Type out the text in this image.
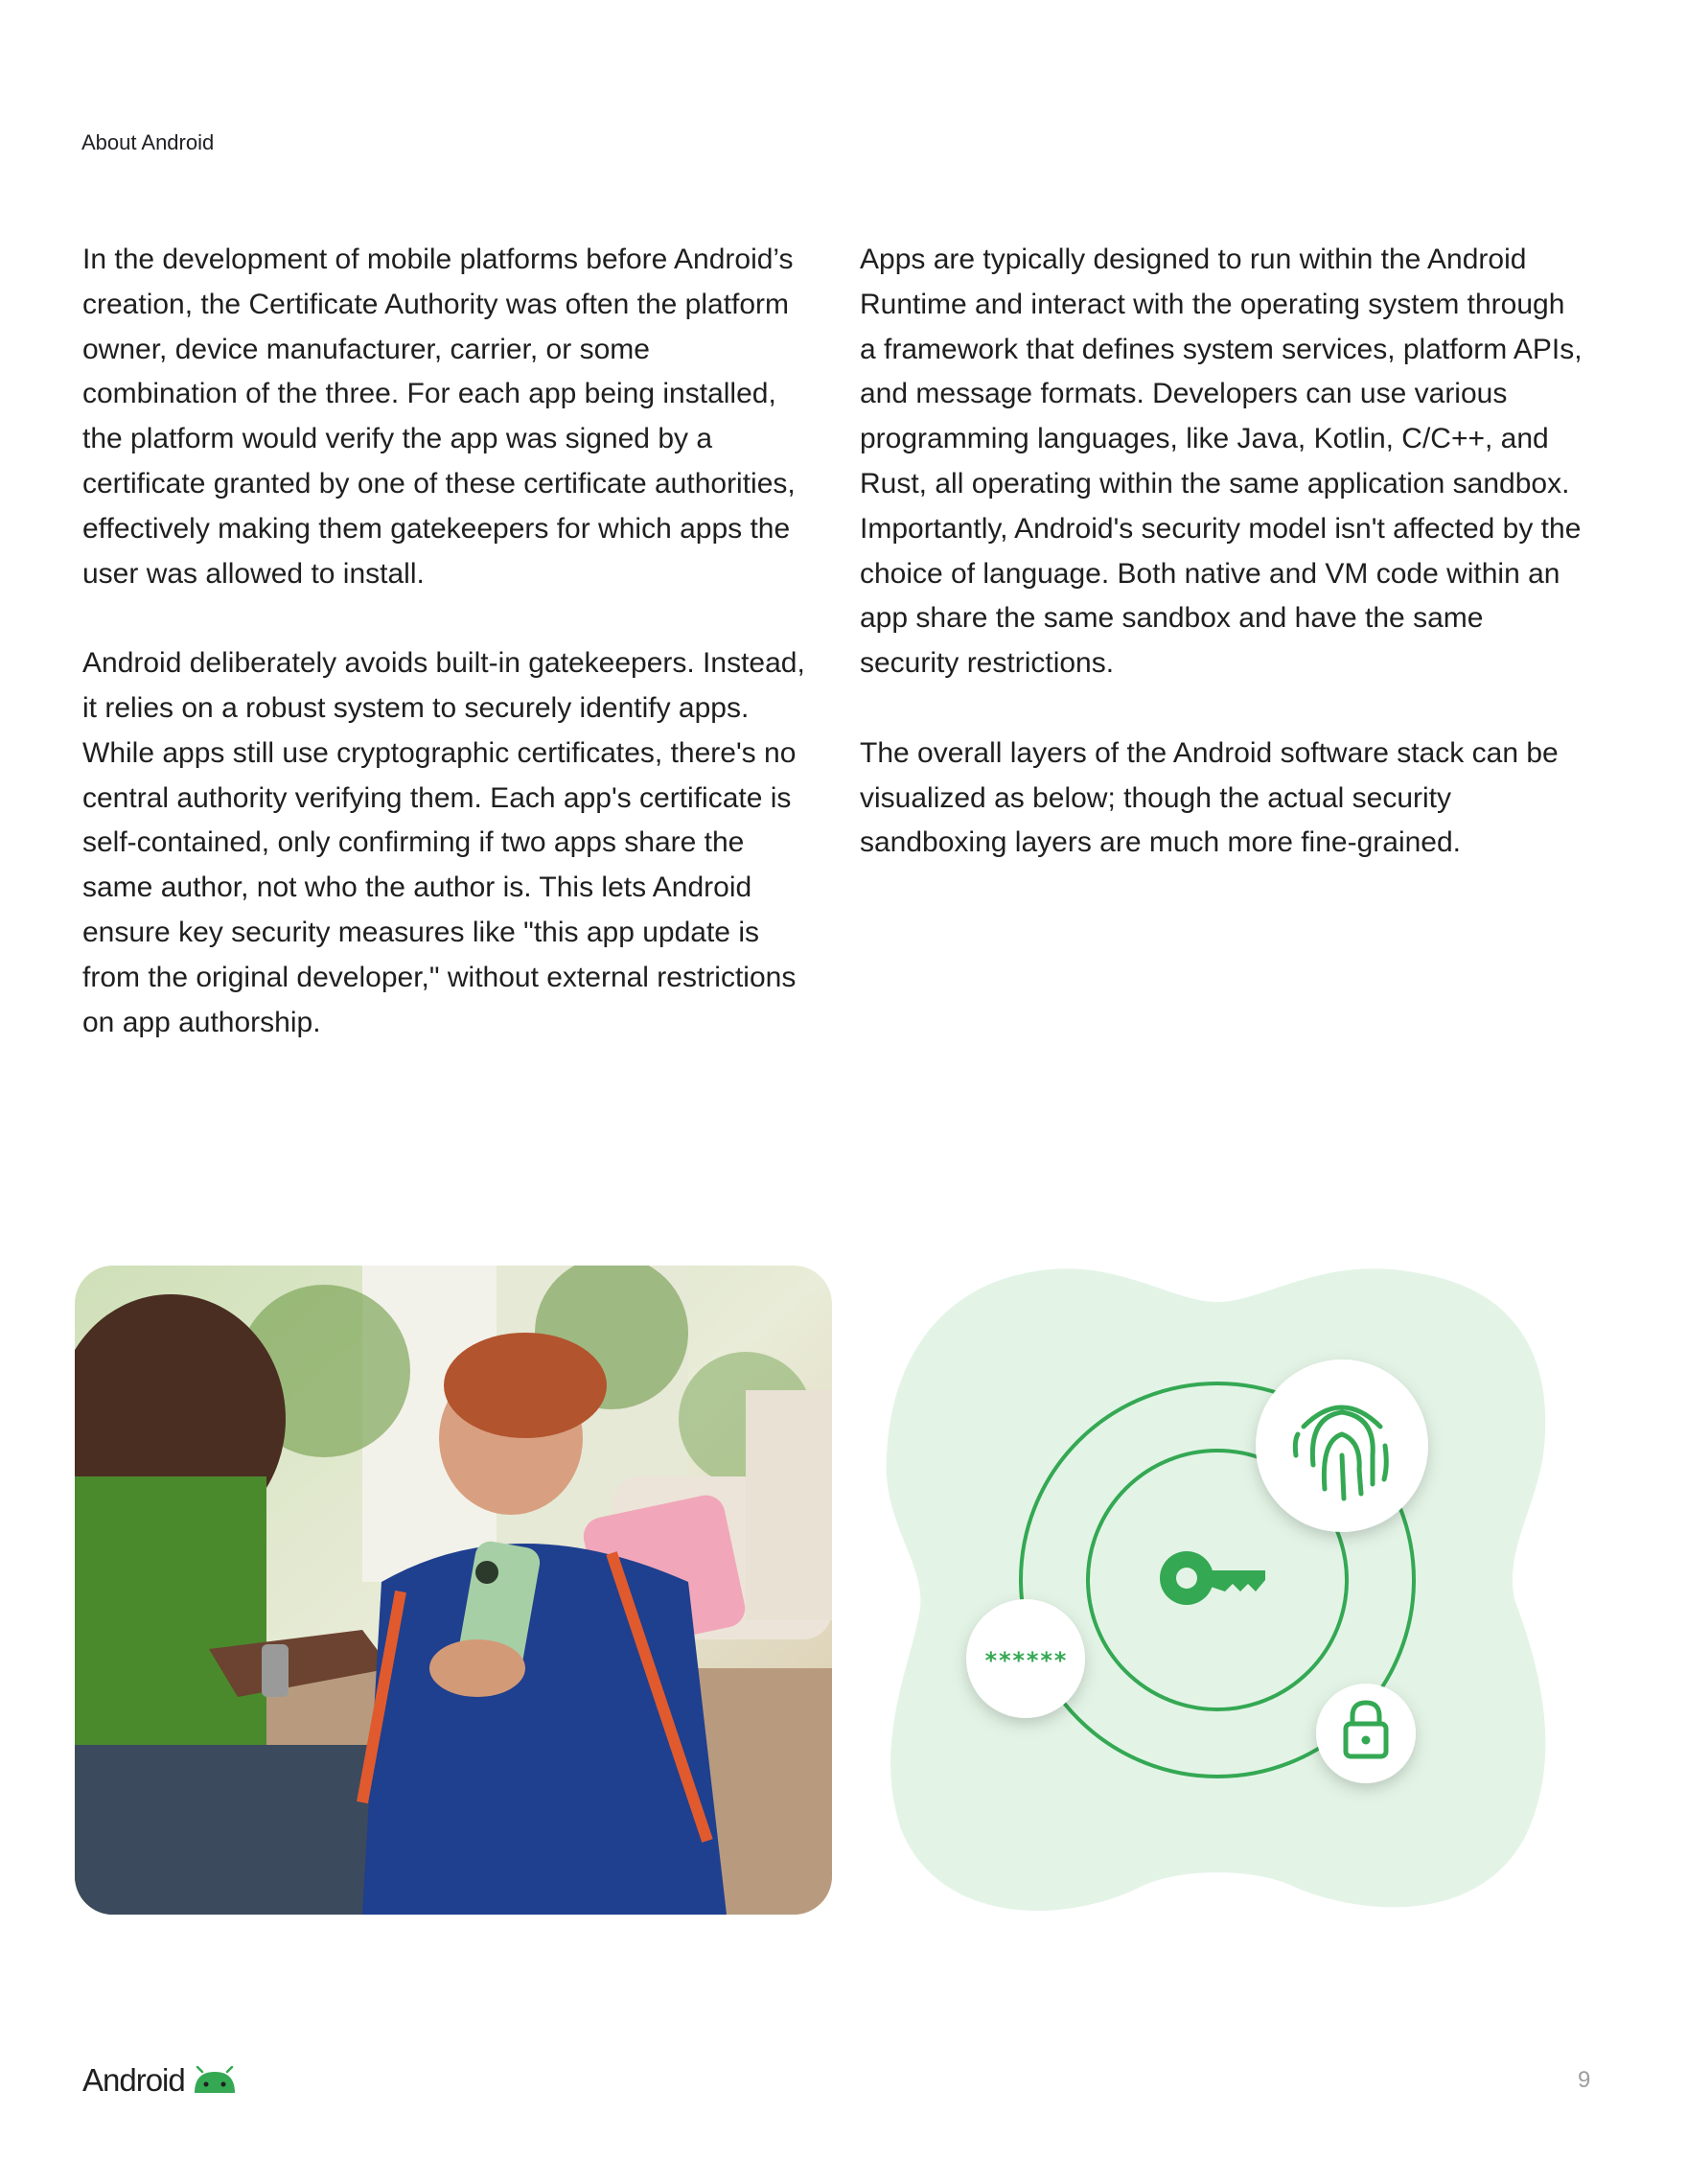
About Android

In the development of mobile platforms before Android’s creation, the Certificate Authority was often the platform owner, device manufacturer, carrier, or some combination of the three. For each app being installed, the platform would verify the app was signed by a certificate granted by one of these certificate authorities, effectively making them gatekeepers for which apps the user was allowed to install.

Android deliberately avoids built-in gatekeepers. Instead, it relies on a robust system to securely identify apps. While apps still use cryptographic certificates, there's no central authority verifying them. Each app's certificate is self-contained, only confirming if two apps share the same author, not who the author is. This lets Android ensure key security measures like "this app update is from the original developer," without external restrictions on app authorship.

Apps are typically designed to run within the Android Runtime and interact with the operating system through a framework that defines system services, platform APIs, and message formats. Developers can use various programming languages, like Java, Kotlin, C/C++, and Rust, all operating within the same application sandbox. Importantly, Android's security model isn't affected by the choice of language. Both native and VM code within an app share the same sandbox and have the same security restrictions.

The overall layers of the Android software stack can be visualized as below; though the actual security sandboxing layers are much more fine-grained.

******
Android	9
